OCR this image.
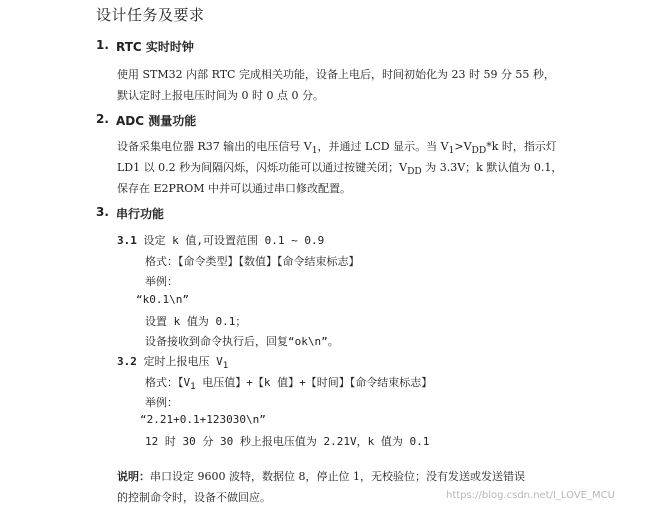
设计任务及要求
1. RTC 实时时钟
使用 STM32 内部 RTC 完成相关功能，设备上电后，时间初始化为 23 时 59 分 55 秒，
默认定时上报电压时间为 0 时 0 点 0 分。
2. ADC 测量功能
设备采集电位器 R37 输出的电压信号 $V_1$，并通过 LCD 显示。当 $V_1>V_{DD}*k$ 时，指示灯
LD1 以 0.2 秒为间隔闪烁，闪烁功能可以通过按键关闭；$V_{DD}$ 为 3.3V；k 默认值为 0.1，
保存在 E2PROM 中并可以通过串口修改配置。
3. 串行功能
3.1 设定 k 值,可设置范围 0.1 ~ 0.9
格式：【命令类型】【数值】【命令结束标志】
举例：
“k0.1\n”
设置 k 值为 0.1；
设备接收到命令执行后，回复“ok\n”。
3.2 定时上报电压 $V_1$
格式：【$V_1$ 电压值】+【k 值】+【时间】【命令结束标志】
举例：
“2.21+0.1+123030\n”
12 时 30 分 30 秒上报电压值为 2.21V，k 值为 0.1
说明：串口设定 9600 波特，数据位 8，停止位 1，无校验位；没有发送或发送错误
的控制命令时，设备不做回应。	https://blog.csdn.net/I_LOVE_MCU
